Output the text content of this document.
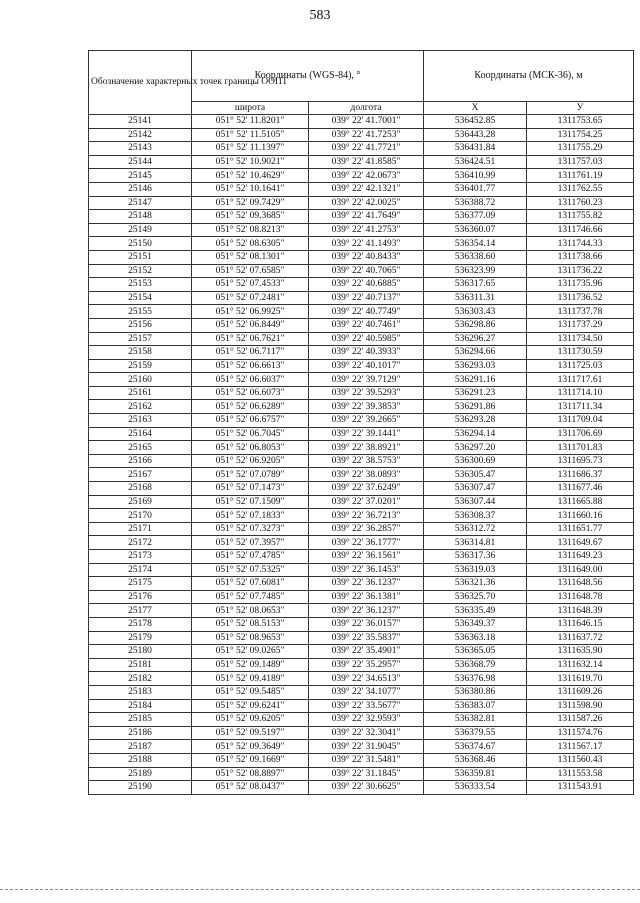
583
Обозначение характерных точек границы ООПТ	Координаты (WGS-84), °		Координаты (МСК-36), м	
	широта	долгота	X	У
25141	051° 52' 11.8201"	039° 22' 41.7001"	536452.85	1311753.65
25142	051° 52' 11.5105"	039° 22' 41.7253"	536443.28	1311754.25
25143	051° 52' 11.1397"	039° 22' 41.7721"	536431.84	1311755.29
25144	051° 52' 10.9021"	039° 22' 41.8585"	536424.51	1311757.03
25145	051° 52' 10.4629"	039° 22' 42.0673"	536410.99	1311761.19
25146	051° 52' 10.1641"	039° 22' 42.1321"	536401.77	1311762.55
25147	051° 52' 09.7429"	039° 22' 42.0025"	536388.72	1311760.23
25148	051° 52' 09.3685"	039° 22' 41.7649"	536377.09	1311755.82
25149	051° 52' 08.8213"	039° 22' 41.2753"	536360.07	1311746.66
25150	051° 52' 08.6305"	039° 22' 41.1493"	536354.14	1311744.33
25151	051° 52' 08.1301"	039° 22' 40.8433"	536338.60	1311738.66
25152	051° 52' 07.6585"	039° 22' 40.7065"	536323.99	1311736.22
25153	051° 52' 07.4533"	039° 22' 40.6885"	536317.65	1311735.96
25154	051° 52' 07.2481"	039° 22' 40.7137"	536311.31	1311736.52
25155	051° 52' 06.9925"	039° 22' 40.7749"	536303.43	1311737.78
25156	051° 52' 06.8449"	039° 22' 40.7461"	536298.86	1311737.29
25157	051° 52' 06.7621"	039° 22' 40.5985"	536296.27	1311734.50
25158	051° 52' 06.7117"	039° 22' 40.3933"	536294.66	1311730.59
25159	051° 52' 06.6613"	039° 22' 40.1017"	536293.03	1311725.03
25160	051° 52' 06.6037"	039° 22' 39.7129"	536291.16	1311717.61
25161	051° 52' 06.6073"	039° 22' 39.5293"	536291.23	1311714.10
25162	051° 52' 06.6289"	039° 22' 39.3853"	536291.86	1311711.34
25163	051° 52' 06.6757"	039° 22' 39.2665"	536293.28	1311709.04
25164	051° 52' 06.7045"	039° 22' 39.1441"	536294.14	1311706.69
25165	051° 52' 06.8053"	039° 22' 38.8921"	536297.20	1311701.83
25166	051° 52' 06.9205"	039° 22' 38.5753"	536300.69	1311695.73
25167	051° 52' 07.0789"	039° 22' 38.0893"	536305.47	1311686.37
25168	051° 52' 07.1473"	039° 22' 37.6249"	536307.47	1311677.46
25169	051° 52' 07.1509"	039° 22' 37.0201"	536307.44	1311665.88
25170	051° 52' 07.1833"	039° 22' 36.7213"	536308.37	1311660.16
25171	051° 52' 07.3273"	039° 22' 36.2857"	536312.72	1311651.77
25172	051° 52' 07.3957"	039° 22' 36.1777"	536314.81	1311649.67
25173	051° 52' 07.4785"	039° 22' 36.1561"	536317.36	1311649.23
25174	051° 52' 07.5325"	039° 22' 36.1453"	536319.03	1311649.00
25175	051° 52' 07.6081"	039° 22' 36.1237"	536321.36	1311648.56
25176	051° 52' 07.7485"	039° 22' 36.1381"	536325.70	1311648.78
25177	051° 52' 08.0653"	039° 22' 36.1237"	536335.49	1311648.39
25178	051° 52' 08.5153"	039° 22' 36.0157"	536349.37	1311646.15
25179	051° 52' 08.9653"	039° 22' 35.5837"	536363.18	1311637.72
25180	051° 52' 09.0265"	039° 22' 35.4901"	536365.05	1311635.90
25181	051° 52' 09.1489"	039° 22' 35.2957"	536368.79	1311632.14
25182	051° 52' 09.4189"	039° 22' 34.6513"	536376.98	1311619.70
25183	051° 52' 09.5485"	039° 22' 34.1077"	536380.86	1311609.26
25184	051° 52' 09.6241"	039° 22' 33.5677"	536383.07	1311598.90
25185	051° 52' 09.6205"	039° 22' 32.9593"	536382.81	1311587.26
25186	051° 52' 09.5197"	039° 22' 32.3041"	536379.55	1311574.76
25187	051° 52' 09.3649"	039° 22' 31.9045"	536374.67	1311567.17
25188	051° 52' 09.1669"	039° 22' 31.5481"	536368.46	1311560.43
25189	051° 52' 08.8897"	039° 22' 31.1845"	536359.81	1311553.58
25190	051° 52' 08.0437"	039° 22' 30.6625"	536333.54	1311543.91
